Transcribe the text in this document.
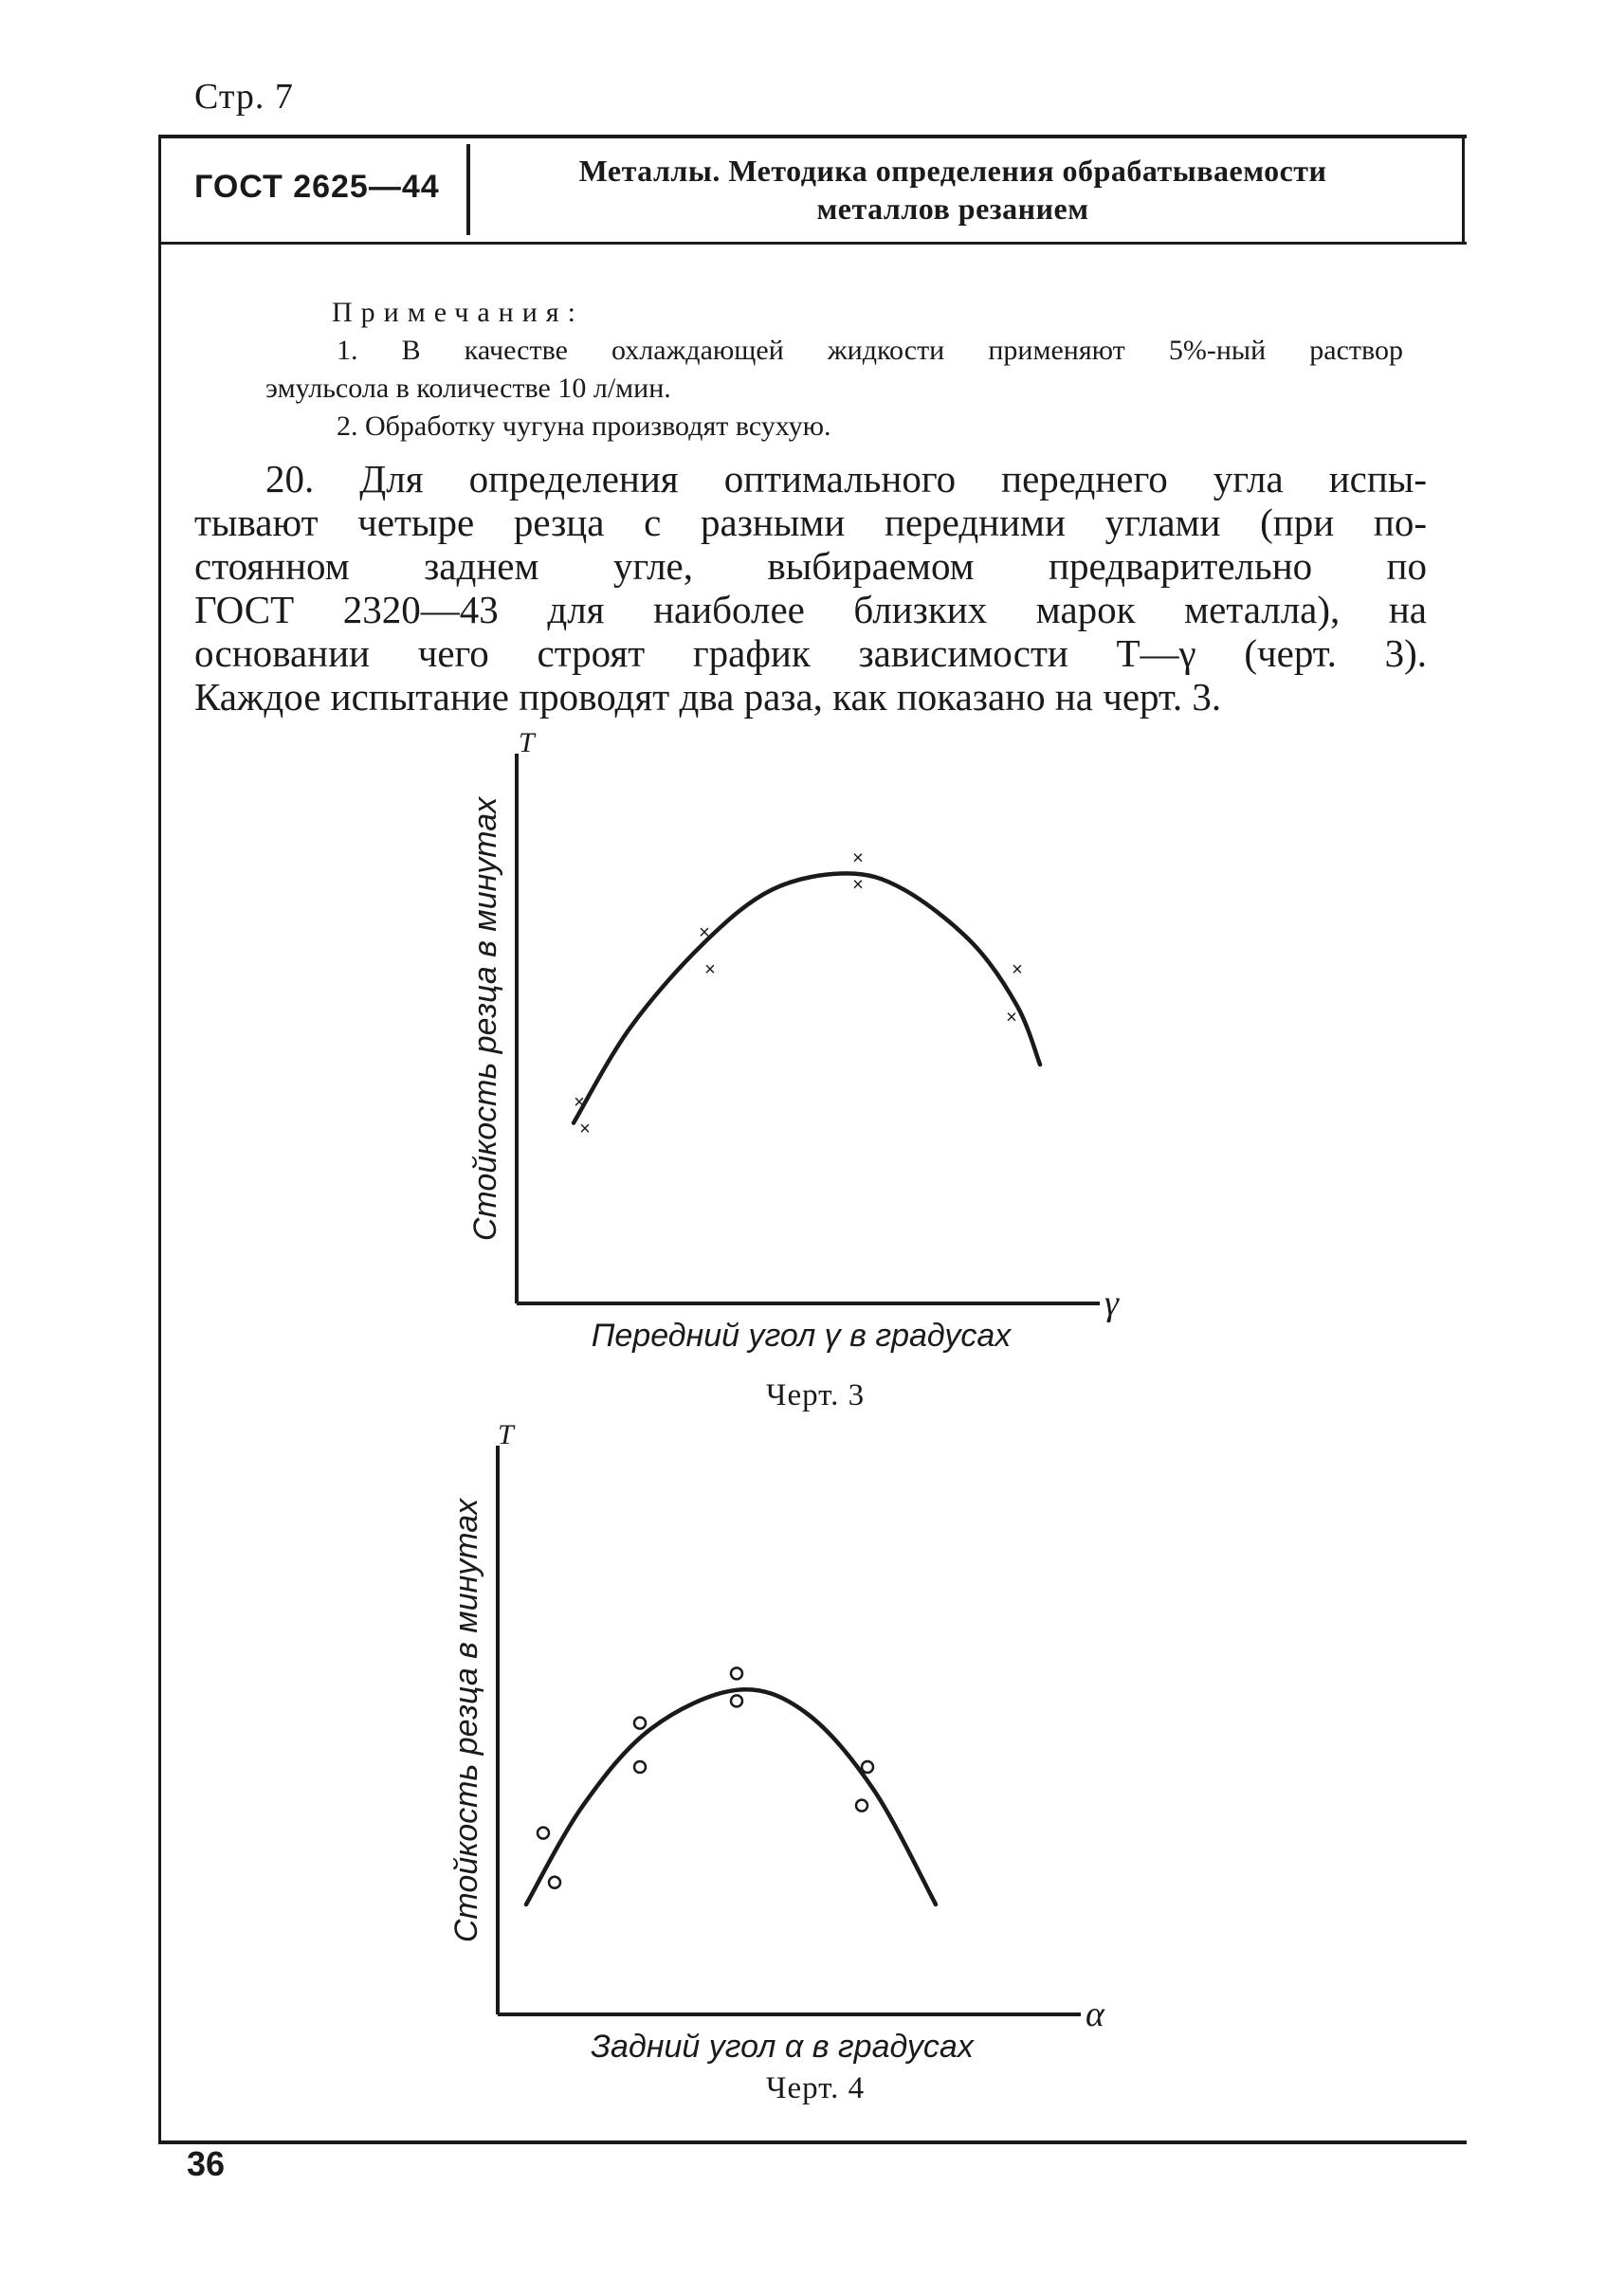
Стр. 7
ГОСТ 2625—44	Металлы. Методика определения обрабатываемости
металлов резанием
Примечания:
1. В качестве охлаждающей жидкости применяют 5%-ный раствор
эмульсола в количестве 10 л/мин.
2. Обработку чугуна производят всухую.
20. Для определения оптимального переднего угла испы-
тывают четыре резца с разными передними углами (при по-
стоянном заднем угле, выбираемом предварительно по
ГОСТ 2320—43 для наиболее близких марок металла), на
основании чего строят график зависимости T—γ (черт. 3).
Каждое испытание проводят два раза, как показано на черт. 3.
T
γ
Передний угол γ в градусах
Стойкость резца в минутах	×
×
×
×
×
×
×
×
Черт. 3
T
α
Задний угол α в градусах
Стойкость резца в минутах
Черт. 4
36
